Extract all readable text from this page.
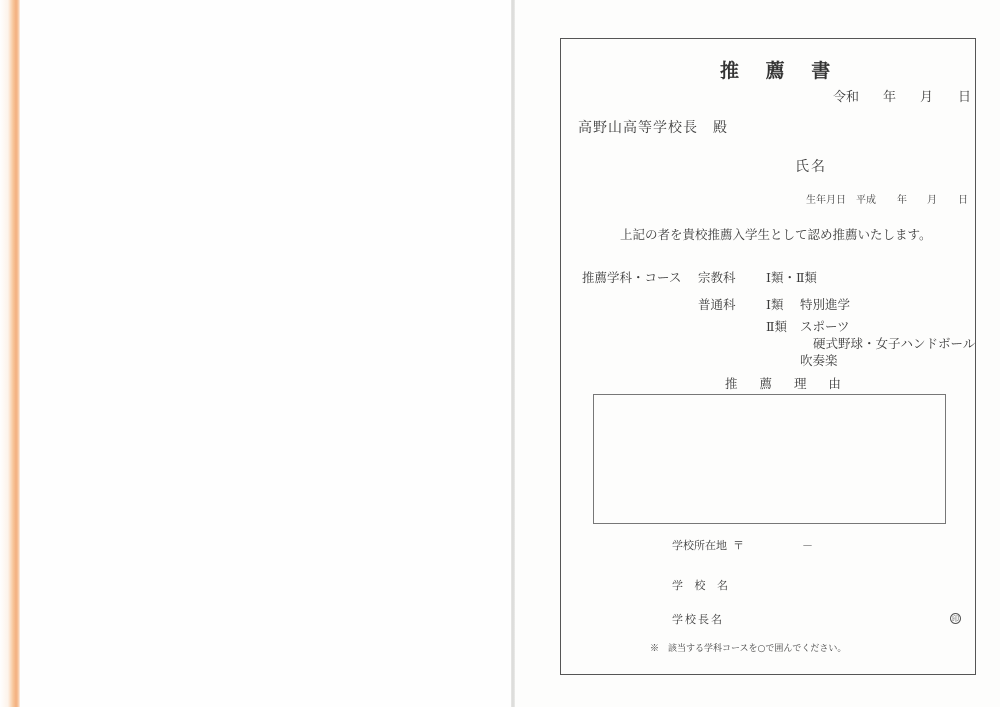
推 薦 書
令和 年 月 日
高野山高等学校長　殿
氏名
生年月日 平成 年 月 日
上記の者を貴校推薦入学生として認め推薦いたします。
推薦学科・コース 宗教科 Ⅰ類・Ⅱ類
普通科 Ⅰ類 特別進学
Ⅱ類 スポーツ
硬式野球・女子ハンドボール
吹奏楽
推 薦 理 由
学校所在地 〒	－
学 校 名
学校長名	印
※　該当する学科コースを○で囲んでください。
